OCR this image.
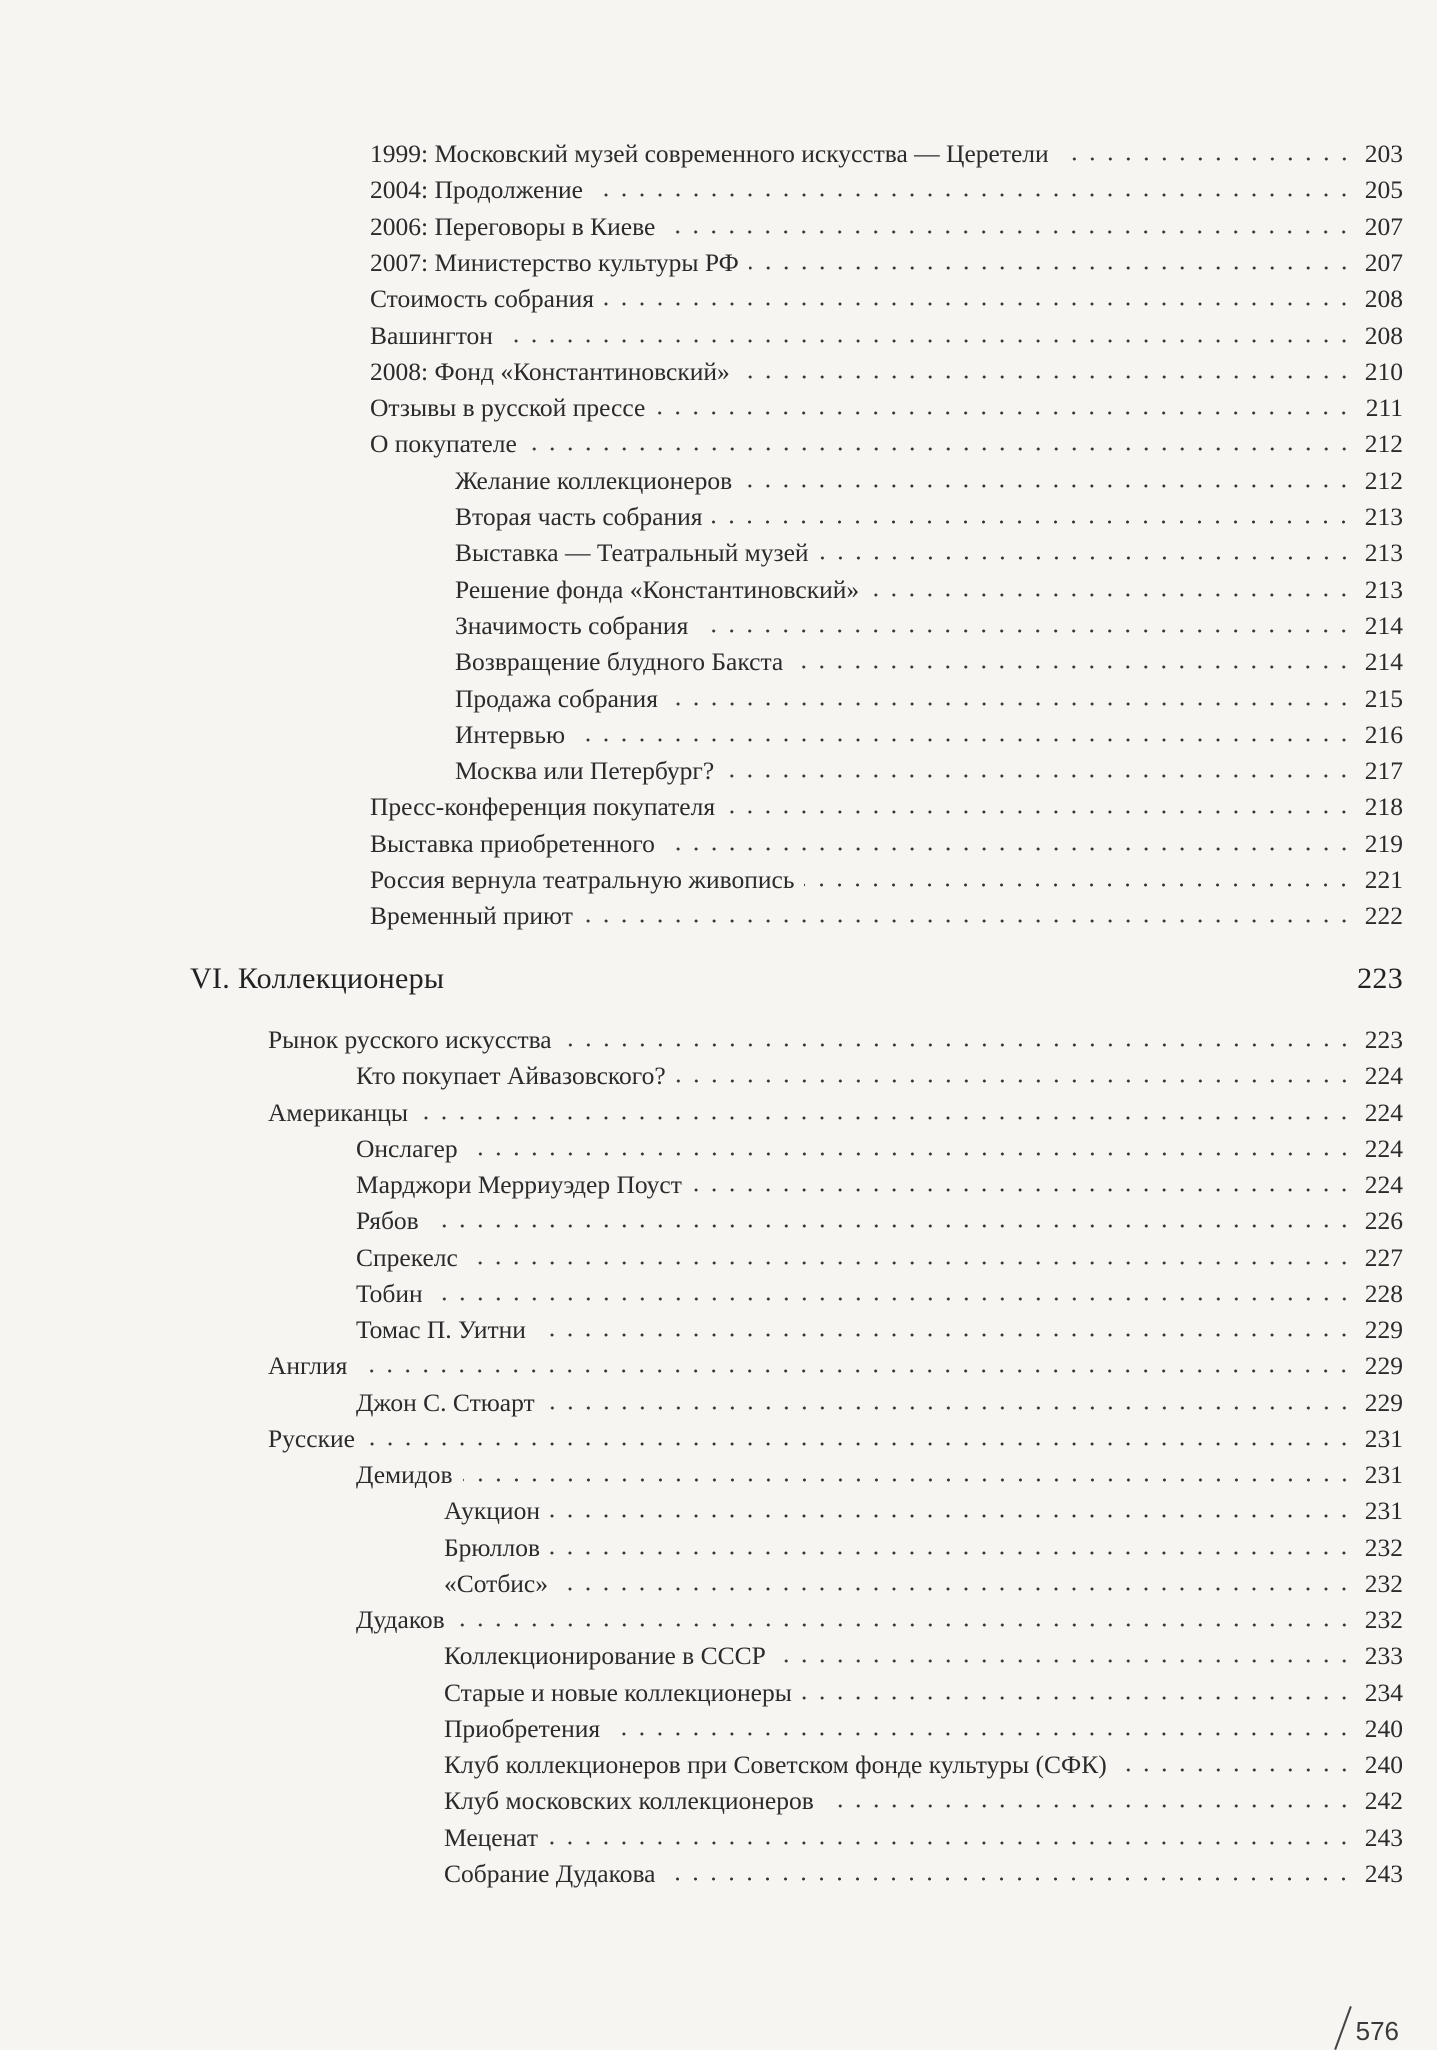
1999: Московский музей современного искусства — Церетели	203
2004: Продолжение	205
2006: Переговоры в Киеве	207
2007: Министерство культуры РФ	207
Стоимость собрания	208
Вашингтон	208
2008: Фонд «Константиновский»	210
Отзывы в русской прессе	211
О покупателе	212
Желание коллекционеров	212
Вторая часть собрания	213
Выставка — Театральный музей	213
Решение фонда «Константиновский»	213
Значимость собрания	214
Возвращение блудного Бакста	214
Продажа собрания	215
Интервью	216
Москва или Петербург?	217
Пресс-конференция покупателя	218
Выставка приобретенного	219
Россия вернула театральную живопись	221
Временный приют	222
VI. Коллекционеры	223
Рынок русского искусства	223
Кто покупает Айвазовского?	224
Американцы	224
Онслагер	224
Марджори Мерриуэдер Поуст	224
Рябов	226
Спрекелс	227
Тобин	228
Томас П. Уитни	229
Англия	229
Джон С. Стюарт	229
Русские	231
Демидов	231
Аукцион	231
Брюллов	232
«Сотбис»	232
Дудаков	232
Коллекционирование в СССР	233
Старые и новые коллекционеры	234
Приобретения	240
Клуб коллекционеров при Советском фонде культуры (СФК)	240
Клуб московских коллекционеров	242
Меценат	243
Собрание Дудакова	243
576
